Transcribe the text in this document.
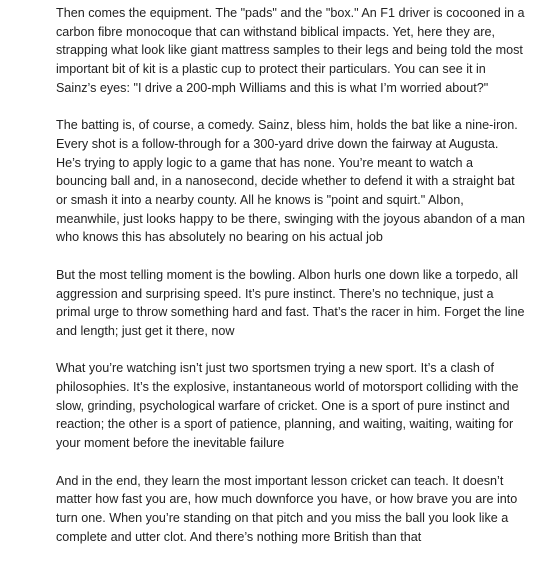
Then comes the equipment. The "pads" and the "box." An F1 driver is cocooned in a carbon fibre monocoque that can withstand biblical impacts. Yet, here they are, strapping what look like giant mattress samples to their legs and being told the most important bit of kit is a plastic cup to protect their particulars. You can see it in Sainz’s eyes: "I drive a 200-mph Williams and this is what I’m worried about?"

The batting is, of course, a comedy. Sainz, bless him, holds the bat like a nine-iron. Every shot is a follow-through for a 300-yard drive down the fairway at Augusta. He’s trying to apply logic to a game that has none. You’re meant to watch a bouncing ball and, in a nanosecond, decide whether to defend it with a straight bat or smash it into a nearby county. All he knows is "point and squirt." Albon, meanwhile, just looks happy to be there, swinging with the joyous abandon of a man who knows this has absolutely no bearing on his actual job

But the most telling moment is the bowling. Albon hurls one down like a torpedo, all aggression and surprising speed. It’s pure instinct. There’s no technique, just a primal urge to throw something hard and fast. That’s the racer in him. Forget the line and length; just get it there, now

What you’re watching isn’t just two sportsmen trying a new sport. It’s a clash of philosophies. It’s the explosive, instantaneous world of motorsport colliding with the slow, grinding, psychological warfare of cricket. One is a sport of pure instinct and reaction; the other is a sport of patience, planning, and waiting, waiting, waiting for your moment before the inevitable failure

And in the end, they learn the most important lesson cricket can teach. It doesn’t matter how fast you are, how much downforce you have, or how brave you are into turn one. When you’re standing on that pitch and you miss the ball you look like a complete and utter clot. And there’s nothing more British than that
